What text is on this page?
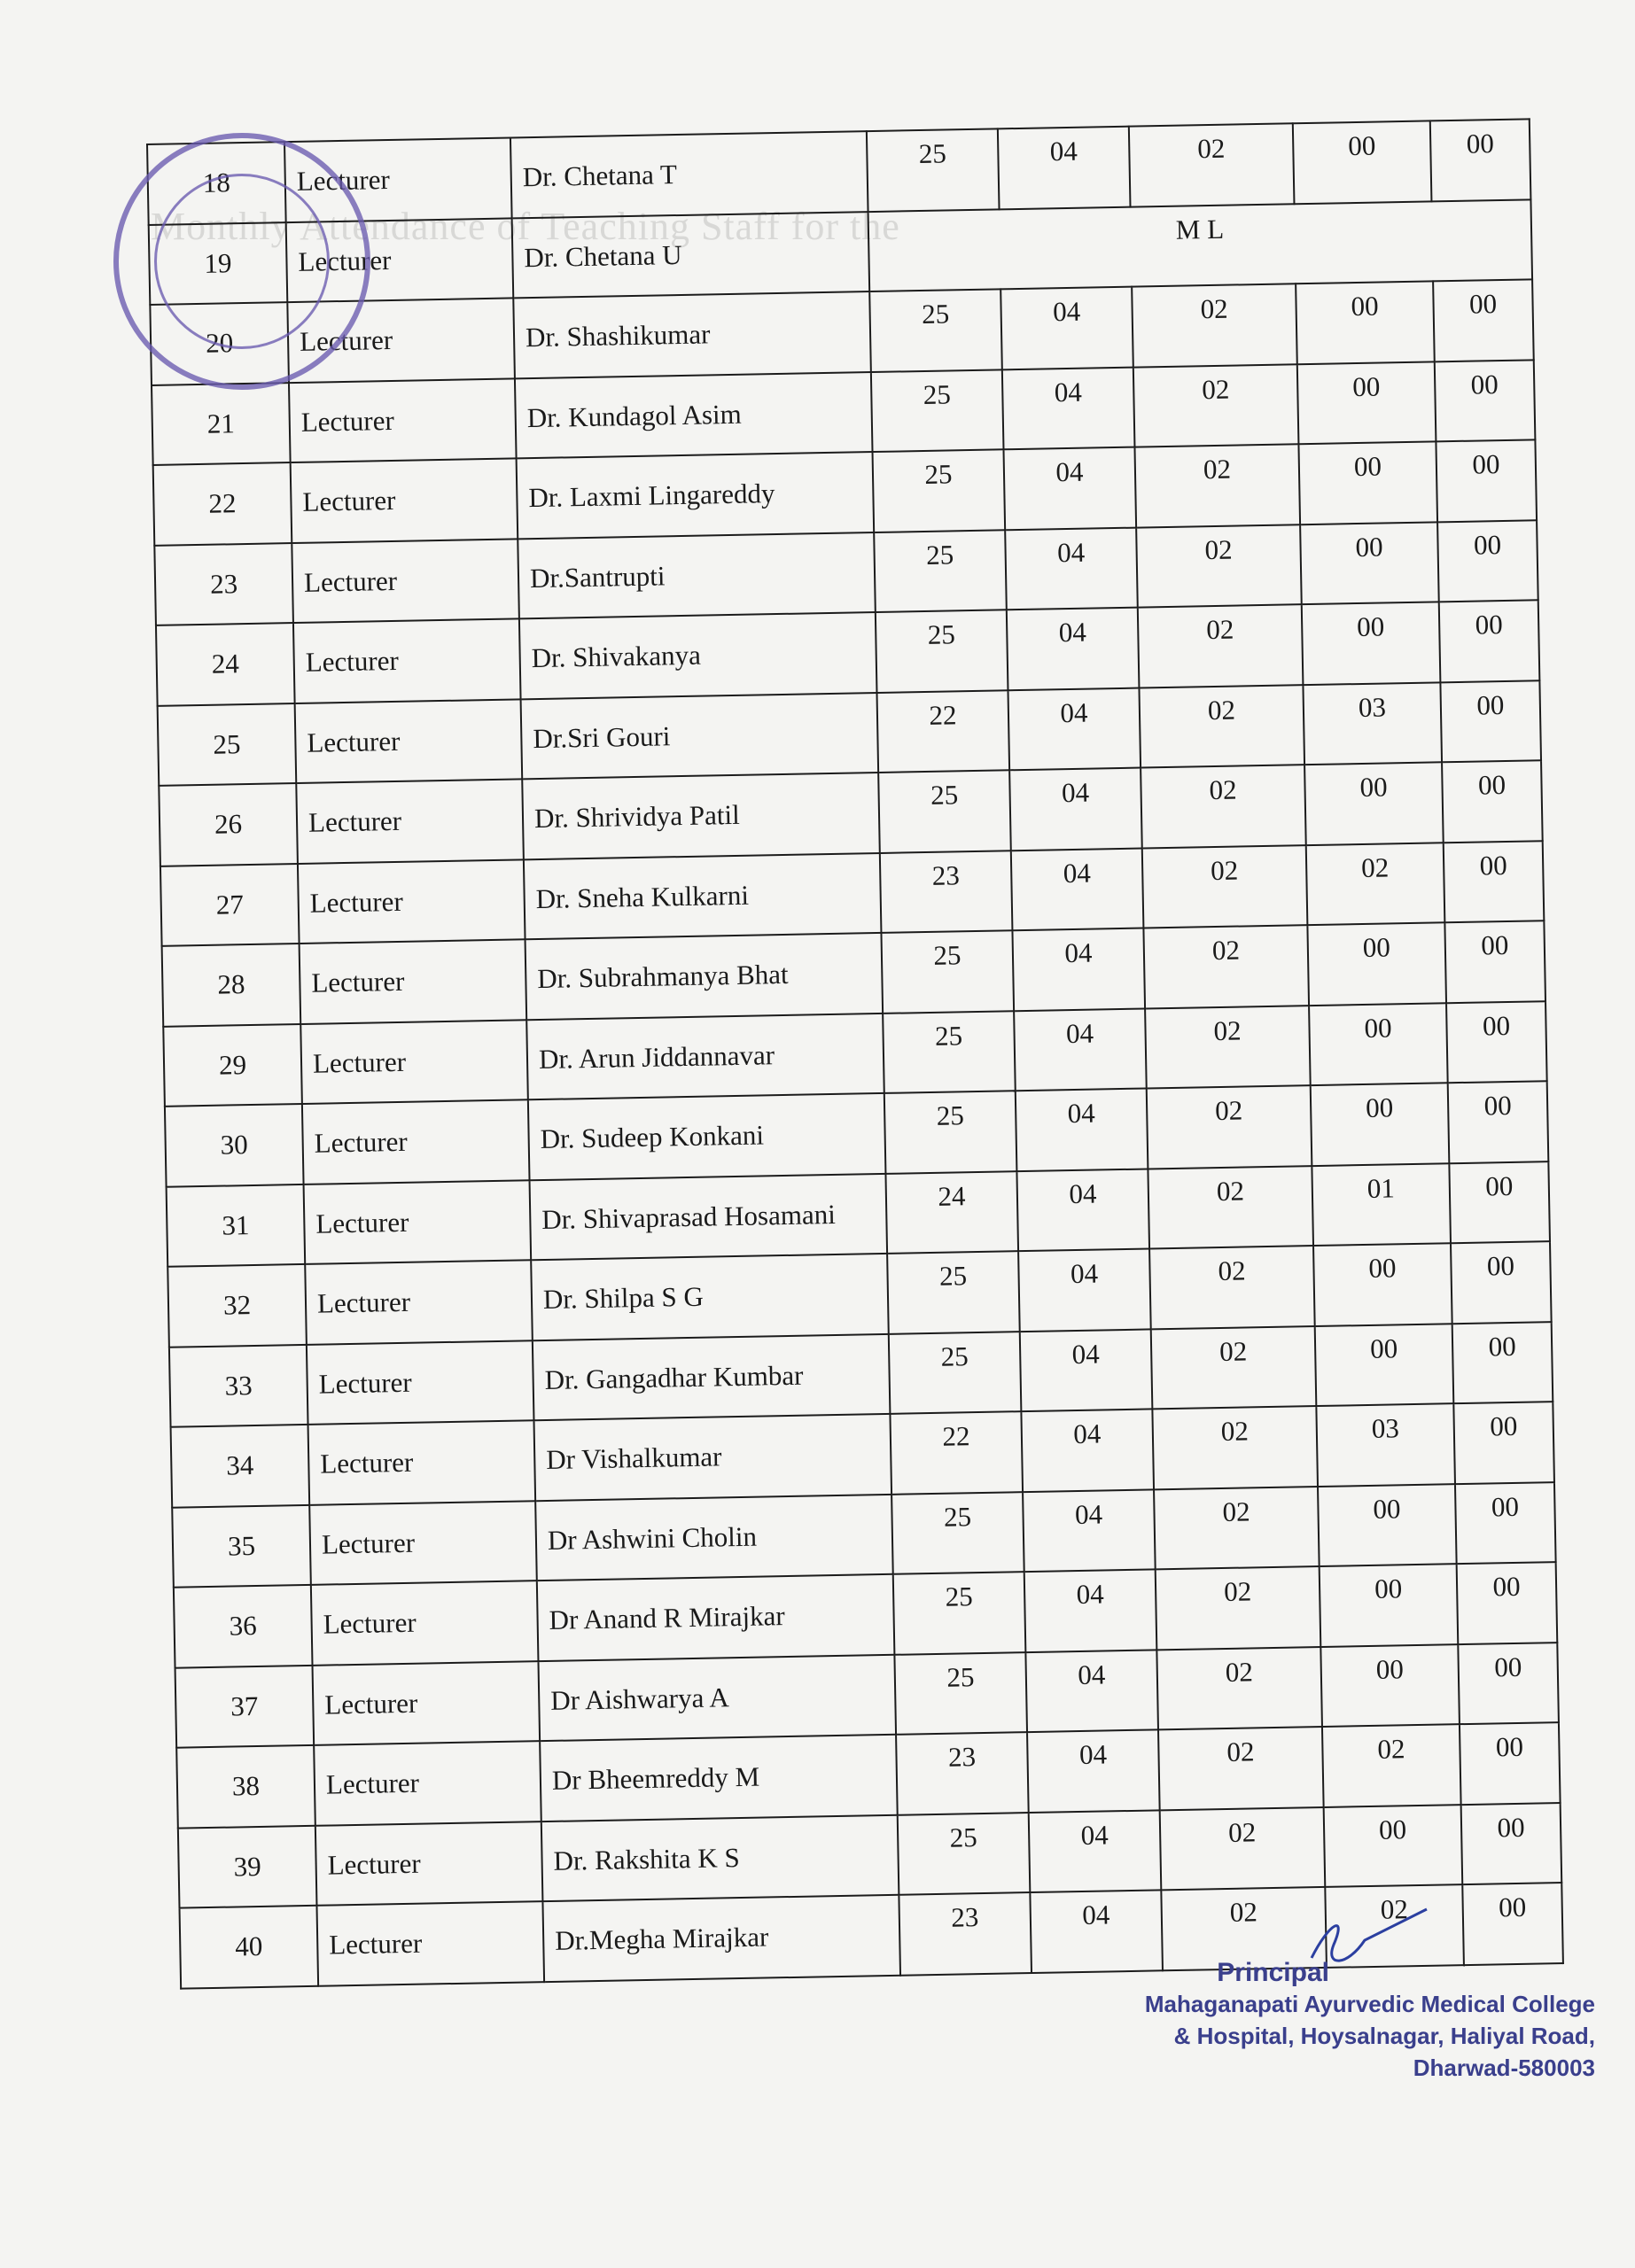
Monthly Attendance of Teaching Staff for the
18	Lecturer	Dr. Chetana T	25	04	02	00	00
19	Lecturer	Dr. Chetana U	M L				
20	Lecturer	Dr. Shashikumar	25	04	02	00	00
21	Lecturer	Dr. Kundagol Asim	25	04	02	00	00
22	Lecturer	Dr. Laxmi Lingareddy	25	04	02	00	00
23	Lecturer	Dr.Santrupti	25	04	02	00	00
24	Lecturer	Dr. Shivakanya	25	04	02	00	00
25	Lecturer	Dr.Sri Gouri	22	04	02	03	00
26	Lecturer	Dr. Shrividya Patil	25	04	02	00	00
27	Lecturer	Dr. Sneha Kulkarni	23	04	02	02	00
28	Lecturer	Dr. Subrahmanya Bhat	25	04	02	00	00
29	Lecturer	Dr. Arun Jiddannavar	25	04	02	00	00
30	Lecturer	Dr. Sudeep Konkani	25	04	02	00	00
31	Lecturer	Dr. Shivaprasad Hosamani	24	04	02	01	00
32	Lecturer	Dr. Shilpa S G	25	04	02	00	00
33	Lecturer	Dr. Gangadhar Kumbar	25	04	02	00	00
34	Lecturer	Dr Vishalkumar	22	04	02	03	00
35	Lecturer	Dr Ashwini Cholin	25	04	02	00	00
36	Lecturer	Dr Anand R Mirajkar	25	04	02	00	00
37	Lecturer	Dr Aishwarya A	25	04	02	00	00
38	Lecturer	Dr Bheemreddy M	23	04	02	02	00
39	Lecturer	Dr. Rakshita K S	25	04	02	00	00
40	Lecturer	Dr.Megha Mirajkar	23	04	02	02	00
Principal
Mahaganapati Ayurvedic Medical College
& Hospital, Hoysalnagar, Haliyal Road,
Dharwad-580003
